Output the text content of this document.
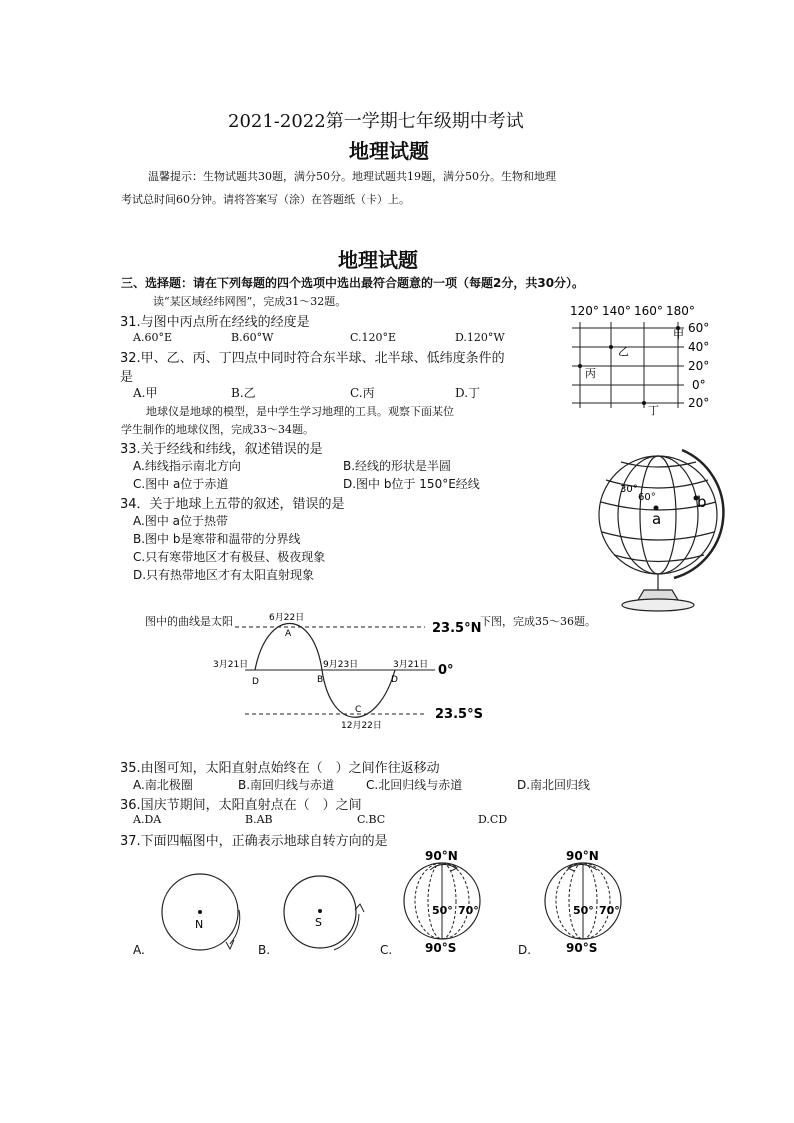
2021-2022第一学期七年级期中考试
地理试题
温馨提示：生物试题共30题，满分50分。地理试题共19题，满分50分。生物和地理
考试总时间60分钟。请将答案写（涂）在答题纸（卡）上。
地理试题
三、选择题：请在下列每题的四个选项中选出最符合题意的一项（每题2分，共30分）。
读“某区域经纬网图”，完成31～32题。
31.与图中丙点所在经线的经度是
A.60°E	B.60°W	C.120°E	D.120°W
32.甲、乙、丙、丁四点中同时符合东半球、北半球、低纬度条件的
是
A.甲	B.乙	C.丙	D.丁
地球仪是地球的模型，是中学生学习地理的工具。观察下面某位
学生制作的地球仪图，完成33～34题。
33.关于经线和纬线，叙述错误的是
A.纬线指示南北方向	B.经线的形状是半圆
C.图中 a位于赤道	D.图中 b位于 150°E经线
34．关于地球上五带的叙述，错误的是
A.图中 a位于热带
B.图中 b是寒带和温带的分界线
C.只有寒带地区才有极昼、极夜现象
D.只有热带地区才有太阳直射现象
图中的曲线是太阳	下图，完成35～36题。
35.由图可知，太阳直射点始终在（　）之间作往返移动
A.南北极圈	B.南回归线与赤道	C.北回归线与赤道	D.南北回归线
36.国庆节期间，太阳直射点在（　）之间
A.DA	B.AB	C.BC	D.CD
37.下面四幅图中，正确表示地球自转方向的是
A.	B.	C.	D.
120° 140° 160° 180°
60°
40°
20°
0°
20°
甲
乙
丙
丁
30°
60°
a
b
23.5°N
0°
23.5°S
6月22日
3月21日	9月23日	3月21日
12月22日
A
B
C
D	D
N	S
90°N
50° 70°
90°S
90°N
50° 70°
90°S
